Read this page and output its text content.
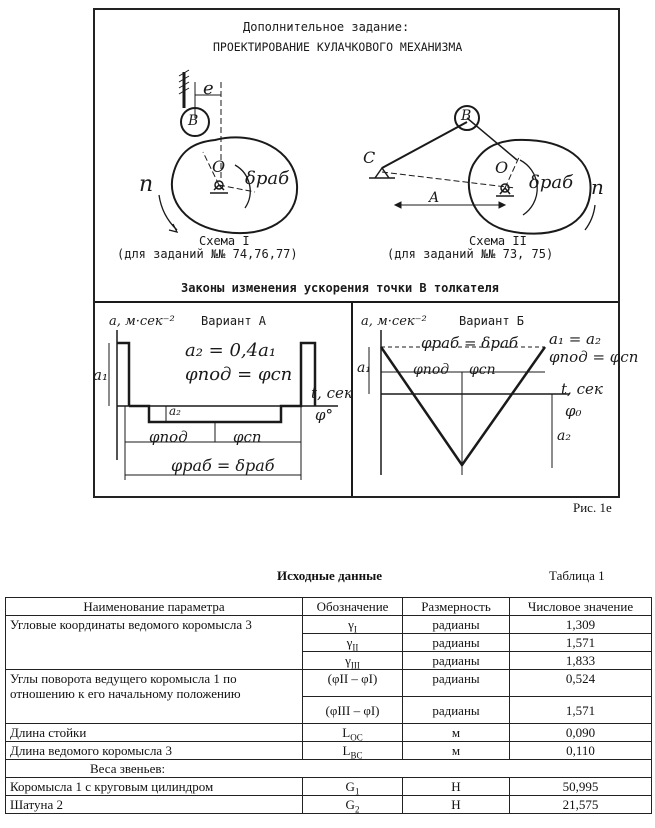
Дополнительное задание:
ПРОЕКТИРОВАНИЕ КУЛАЧКОВОГО МЕХАНИЗМА
e
B
O
n	δраб
Схема I
(для заданий №№ 74,76,77)
C
B
O
A	n
δраб
Схема II
(для заданий №№ 73, 75)
Законы изменения ускорения точки В толкателя
a, м·сек⁻² Вариант А
a₂ = 0,4a₁
φпод = φсп
a₁
a₂
t, сек
φ°
φпод	φсп
φраб = δраб
a, м·сек⁻²	Вариант Б
a₁ = a₂
φпод = φсп
φраб = δраб
φпод φсп
a₁
a₂
t, сек
φ₀
Рис. 1е
Исходные данные	Таблица 1
Наименование параметра	Обозначение	Размерность	Числовое значение
Угловые координаты ведомого коромысла 3	$\gamma_I$	радианы	1,309
	$\gamma_{II}$	радианы	1,571
	$\gamma_{III}$	радианы	1,833
Углы поворота ведущего коромысла 1 по отношению к его начальному положению	(φII – φI)	радианы	0,524
	(φIII – φI)	радианы	1,571
Длина стойки	$L_{OC}$	м	0,090
Длина ведомого коромысла 3	$L_{BC}$	м	0,110
Веса звеньев:			
Коромысла 1 с круговым цилиндром	$G_1$	Н	50,995
Шатуна 2	$G_2$	Н	21,575
